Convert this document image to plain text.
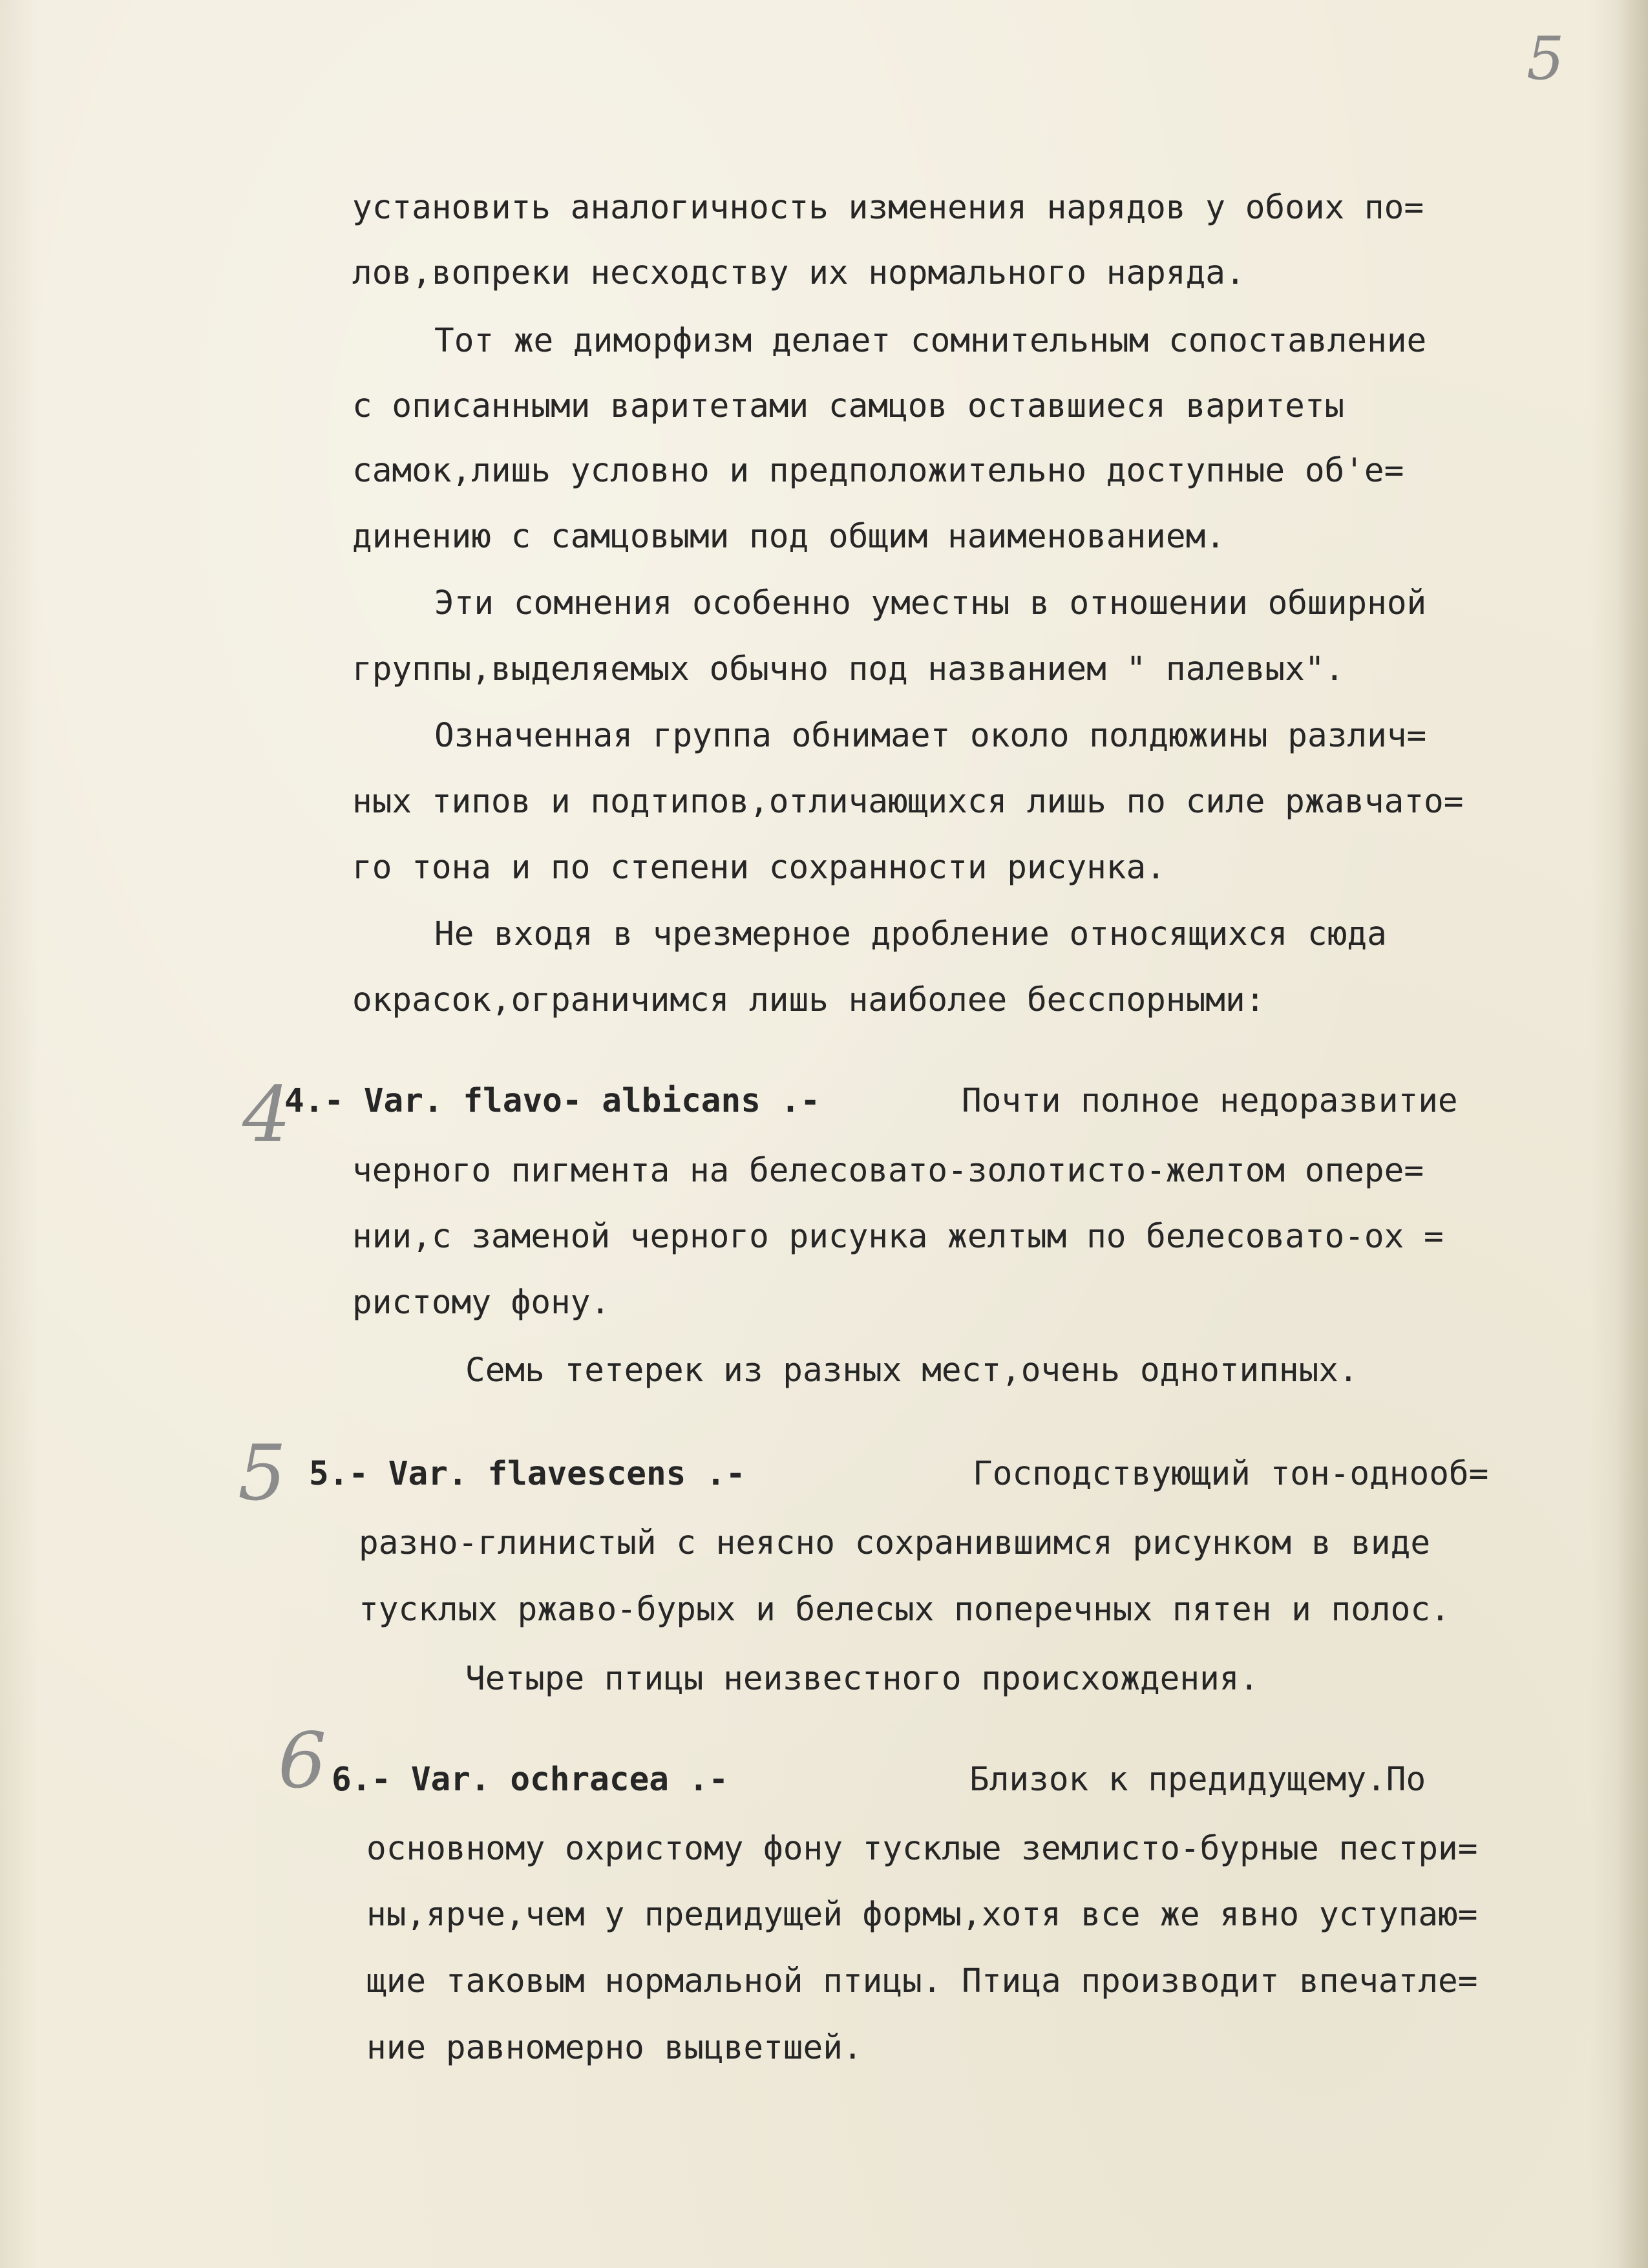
5
установить аналогичность изменения нарядов у обоих по=
лов,вопреки несходству их нормального наряда.
Тот же диморфизм делает сомнительным сопоставление
с описанными варитетами самцов оставшиеся варитеты
самок,лишь условно и предположительно доступные об'е=
динению с самцовыми под общим наименованием.
Эти сомнения особенно уместны в отношении обширной
группы,выделяемых обычно под названием " палевых".
Означенная группа обнимает около полдюжины различ=
ных типов и подтипов,отличающихся лишь по силе ржавчато=
го тона и по степени сохранности рисунка.
Не входя в чрезмерное дробление относящихся сюда
окрасок,ограничимся лишь наиболее бесспорными:
4
4.- Var. flavo- albicans .-	Почти полное недоразвитие
черного пигмента на белесовато-золотисто-желтом опере=
нии,с заменой черного рисунка желтым по белесовато-ох =
ристому фону.
Семь тетерек из разных мест,очень однотипных.
5 5.- Var. flavescens .-	Господствующий тон-однооб=
разно-глинистый с неясно сохранившимся рисунком в виде
тусклых ржаво-бурых и белесых поперечных пятен и полос.
Четыре птицы неизвестного происхождения.
6 6.- Var. ochracea .-	Близок к предидущему.По
основному охристому фону тусклые землисто-бурные пестри=
ны,ярче,чем у предидущей формы,хотя все же явно уступаю=
щие таковым нормальной птицы. Птица производит впечатле=
ние равномерно выцветшей.
